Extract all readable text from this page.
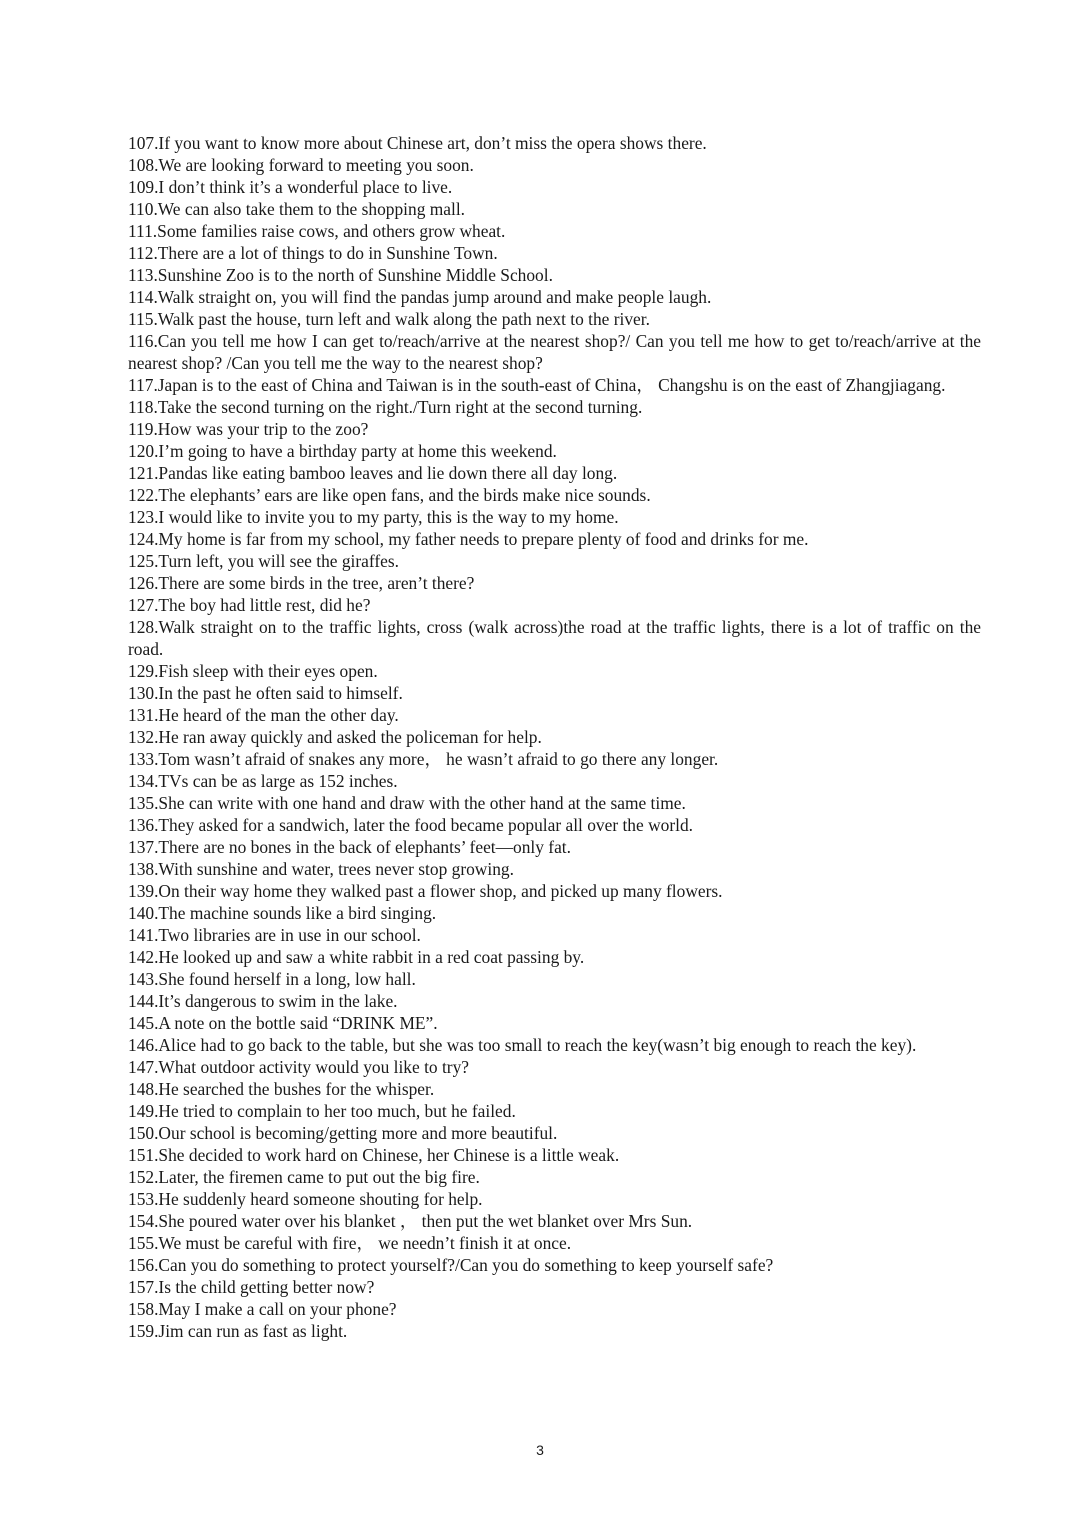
107.If you want to know more about Chinese art, don’t miss the opera shows there.

108.We are looking forward to meeting you soon.

109.I don’t think it’s a wonderful place to live.

110.We can also take them to the shopping mall.

111.Some families raise cows, and others grow wheat.

112.There are a lot of things to do in Sunshine Town.

113.Sunshine Zoo is to the north of Sunshine Middle School.

114.Walk straight on, you will find the pandas jump around and make people laugh.

115.Walk past the house, turn left and walk along the path next to the river.

116.Can you tell me how I can get to/reach/arrive at the nearest shop?/ Can you tell me how to get to/reach/arrive at the nearest shop? /Can you tell me the way to the nearest shop?

117.Japan is to the east of China and Taiwan is in the south-east of China， Changshu is on the east of Zhangjiagang.

118.Take the second turning on the right./Turn right at the second turning.

119.How was your trip to the zoo?

120.I’m going to have a birthday party at home this weekend.

121.Pandas like eating bamboo leaves and lie down there all day long.

122.The elephants’ ears are like open fans, and the birds make nice sounds.

123.I would like to invite you to my party, this is the way to my home.

124.My home is far from my school, my father needs to prepare plenty of food and drinks for me.

125.Turn left, you will see the giraffes.

126.There are some birds in the tree, aren’t there?

127.The boy had little rest, did he?

128.Walk straight on to the traffic lights, cross (walk across)the road at the traffic lights, there is a lot of traffic on the road.

129.Fish sleep with their eyes open.

130.In the past he often said to himself.

131.He heard of the man the other day.

132.He ran away quickly and asked the policeman for help.

133.Tom wasn’t afraid of snakes any more， he wasn’t afraid to go there any longer.

134.TVs can be as large as 152 inches.

135.She can write with one hand and draw with the other hand at the same time.

136.They asked for a sandwich, later the food became popular all over the world.

137.There are no bones in the back of elephants’ feet—only fat.

138.With sunshine and water, trees never stop growing.

139.On their way home they walked past a flower shop, and picked up many flowers.

140.The machine sounds like a bird singing.

141.Two libraries are in use in our school.

142.He looked up and saw a white rabbit in a red coat passing by.

143.She found herself in a long, low hall.

144.It’s dangerous to swim in the lake.

145.A note on the bottle said “DRINK ME”.

146.Alice had to go back to the table, but she was too small to reach the key(wasn’t big enough to reach the key).

147.What outdoor activity would you like to try?

148.He searched the bushes for the whisper.

149.He tried to complain to her too much, but he failed.

150.Our school is becoming/getting more and more beautiful.

151.She decided to work hard on Chinese, her Chinese is a little weak.

152.Later, the firemen came to put out the big fire.

153.He suddenly heard someone shouting for help.

154.She poured water over his blanket ， then put the wet blanket over Mrs Sun.

155.We must be careful with fire， we needn’t finish it at once.

156.Can you do something to protect yourself?/Can you do something to keep yourself safe?

157.Is the child getting better now?

158.May I make a call on your phone?

159.Jim can run as fast as light.

3
